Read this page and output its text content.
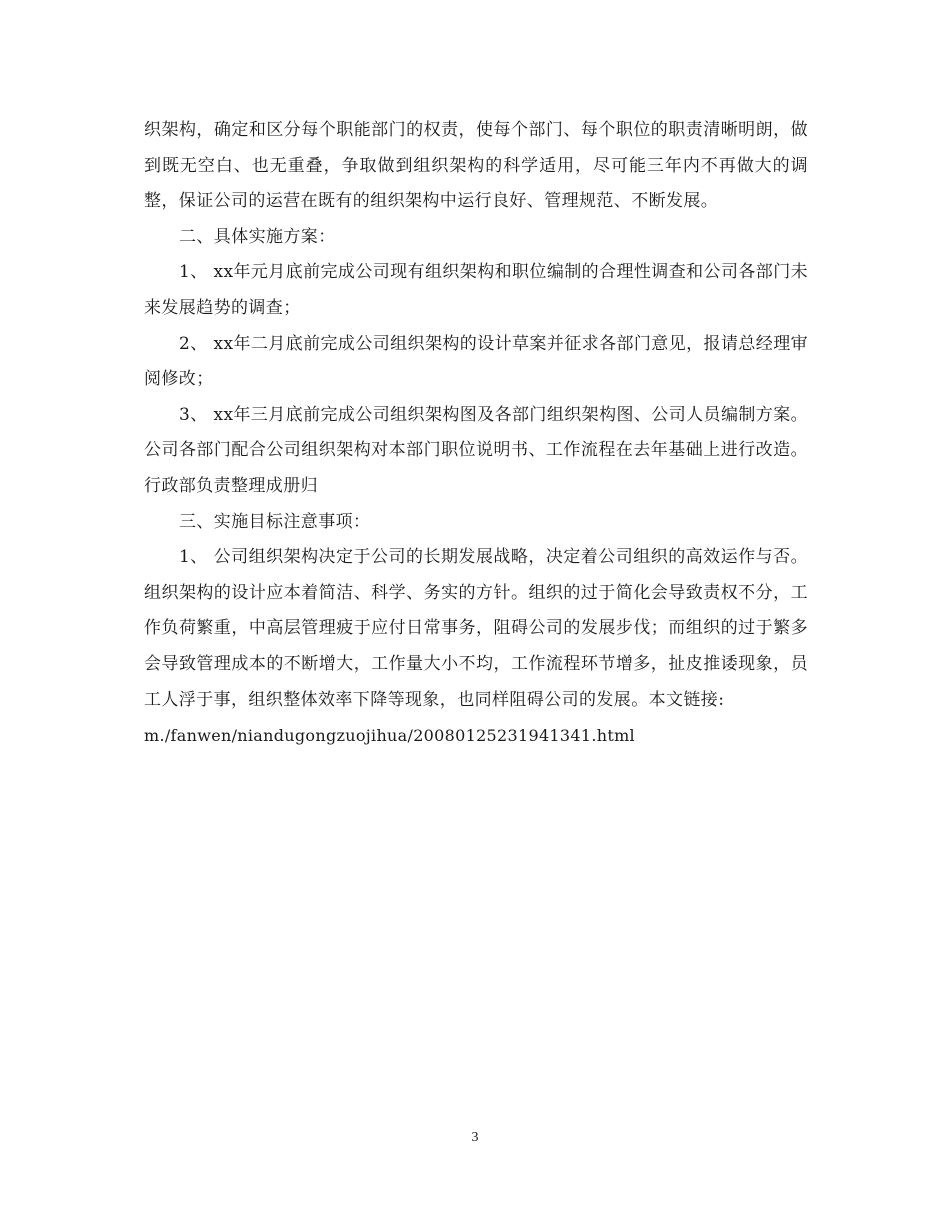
织架构，确定和区分每个职能部门的权责，使每个部门、每个职位的职责清晰明朗，做到既无空白、也无重叠，争取做到组织架构的科学适用，尽可能三年内不再做大的调整，保证公司的运营在既有的组织架构中运行良好、管理规范、不断发展。

二、具体实施方案：

1、 xx年元月底前完成公司现有组织架构和职位编制的合理性调查和公司各部门未来发展趋势的调查；

2、 xx年二月底前完成公司组织架构的设计草案并征求各部门意见，报请总经理审阅修改；

3、 xx年三月底前完成公司组织架构图及各部门组织架构图、公司人员编制方案。公司各部门配合公司组织架构对本部门职位说明书、工作流程在去年基础上进行改造。行政部负责整理成册归

三、实施目标注意事项：

1、 公司组织架构决定于公司的长期发展战略，决定着公司组织的高效运作与否。组织架构的设计应本着简洁、科学、务实的方针。组织的过于简化会导致责权不分，工作负荷繁重，中高层管理疲于应付日常事务，阻碍公司的发展步伐；而组织的过于繁多会导致管理成本的不断增大，工作量大小不均，工作流程环节增多，扯皮推诿现象，员工人浮于事，组织整体效率下降等现象，也同样阻碍公司的发展。本文链接:

m./fanwen/niandugongzuojihua/20080125231941341.html

3
